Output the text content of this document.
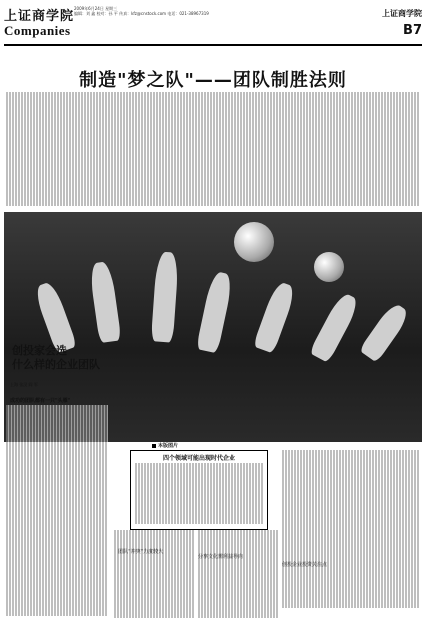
上证商学院
2009年6月24日 星期三
编辑：刘 鑫 校对：孙 平 传真：kfz@cnstock.com 电话：021-38967319
Companies
上证商学院
B7
制造"梦之队"——团队制胜法则
本版图片
四个领域可能出现时代企业
创投家会选
什么样的企业团队
上海 张汉 阎 军
成功的团队都有一只"头雁"
